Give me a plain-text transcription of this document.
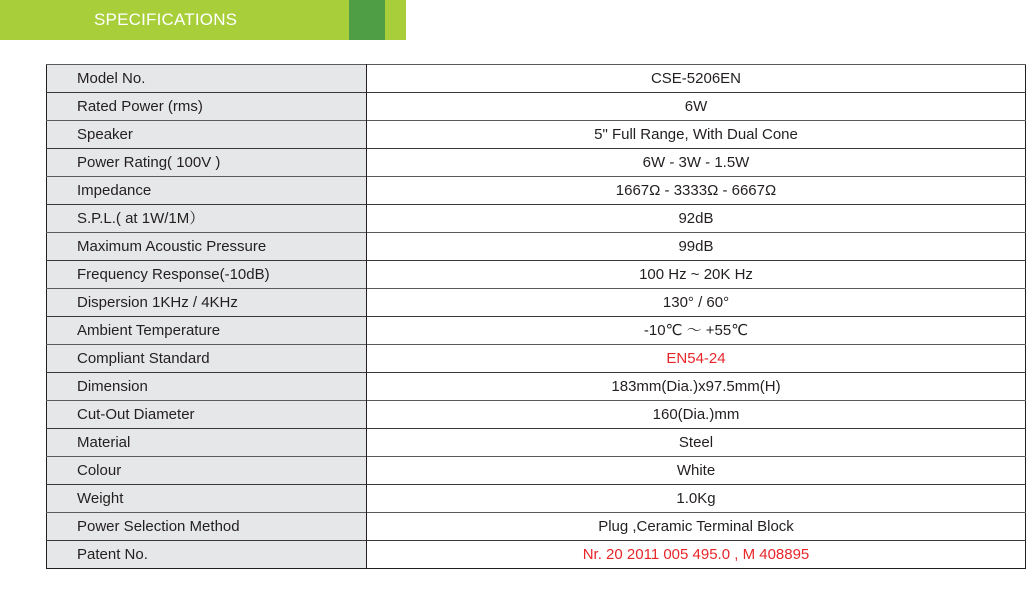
SPECIFICATIONS
Model No.	CSE-5206EN
Rated Power (rms)	6W
Speaker	5" Full Range, With Dual Cone
Power Rating( 100V )	6W - 3W - 1.5W
Impedance	1667Ω - 3333Ω - 6667Ω
S.P.L.( at 1W/1M）	92dB
Maximum Acoustic Pressure	99dB
Frequency Response(-10dB)	100 Hz ~ 20K Hz
Dispersion 1KHz / 4KHz	130° / 60°
Ambient Temperature	-10℃ ～ +55℃
Compliant Standard	EN54-24
Dimension	183mm(Dia.)x97.5mm(H)
Cut-Out Diameter	160(Dia.)mm
Material	Steel
Colour	White
Weight	1.0Kg
Power Selection Method	Plug ,Ceramic Terminal Block
Patent No.	Nr. 20 2011 005 495.0 , M 408895
